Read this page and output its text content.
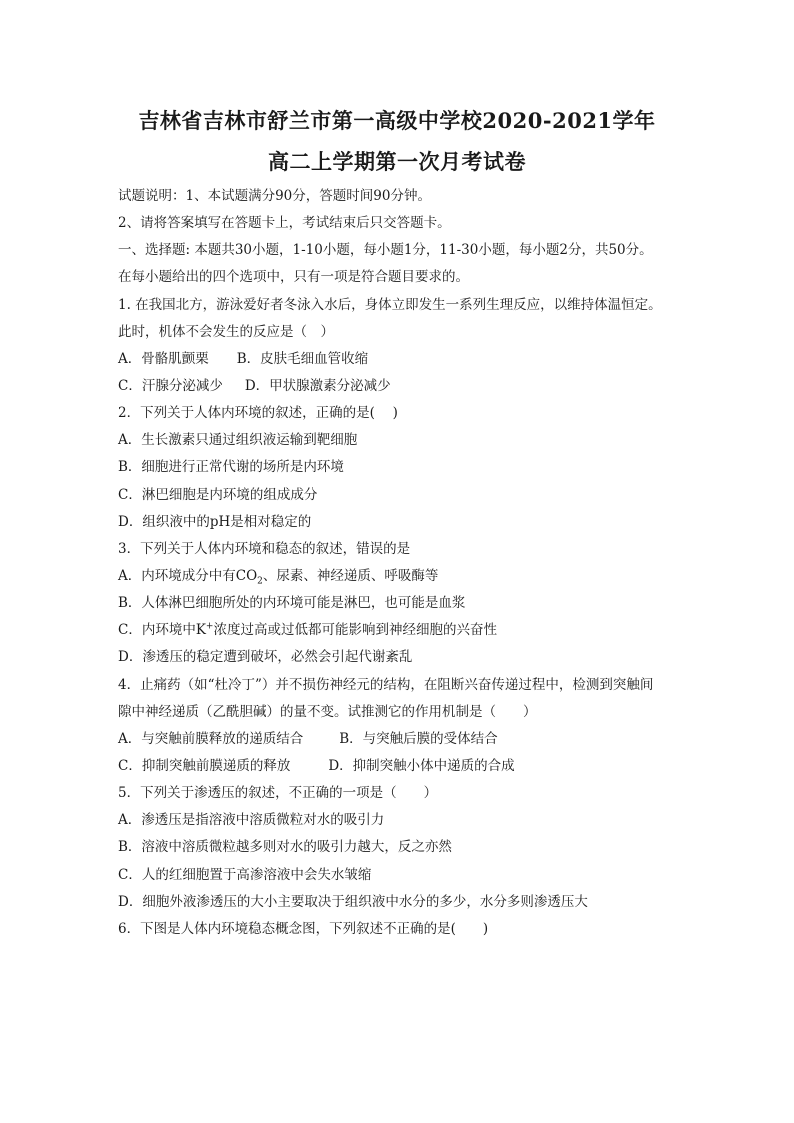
吉林省吉林市舒兰市第一高级中学校2020-2021学年
高二上学期第一次月考试卷
试题说明：1、本试题满分90分，答题时间90分钟。
2、请将答案填写在答题卡上，考试结束后只交答题卡。
一、选择题: 本题共30小题，1-10小题，每小题1分，11-30小题，每小题2分，共50分。
在每小题给出的四个选项中，只有一项是符合题目要求的。
1. 在我国北方，游泳爱好者冬泳入水后，身体立即发生一系列生理反应，以维持体温恒定。
此时，机体不会发生的反应是（　）
A．骨骼肌颤栗 B．皮肤毛细血管收缩
C．汗腺分泌减少 D．甲状腺激素分泌减少
2．下列关于人体内环境的叙述，正确的是(　 )
A．生长激素只通过组织液运输到靶细胞
B．细胞进行正常代谢的场所是内环境
C．淋巴细胞是内环境的组成成分
D．组织液中的pH是相对稳定的
3．下列关于人体内环境和稳态的叙述，错误的是
A．内环境成分中有$CO_2$、尿素、神经递质、呼吸酶等
B．人体淋巴细胞所处的内环境可能是淋巴，也可能是血浆
C．内环境中K+浓度过高或过低都可能影响到神经细胞的兴奋性
D．渗透压的稳定遭到破坏，必然会引起代谢紊乱
4．止痛药（如“杜冷丁”）并不损伤神经元的结构，在阻断兴奋传递过程中，检测到突触间
隙中神经递质（乙酰胆碱）的量不变。试推测它的作用机制是（　　）
A．与突触前膜释放的递质结合	B．与突触后膜的受体结合
C．抑制突触前膜递质的释放	D．抑制突触小体中递质的合成
5．下列关于渗透压的叙述，不正确的一项是（　　）
A．渗透压是指溶液中溶质微粒对水的吸引力
B．溶液中溶质微粒越多则对水的吸引力越大，反之亦然
C．人的红细胞置于高渗溶液中会失水皱缩
D．细胞外液渗透压的大小主要取决于组织液中水分的多少，水分多则渗透压大
6．下图是人体内环境稳态概念图，下列叙述不正确的是(　　)
